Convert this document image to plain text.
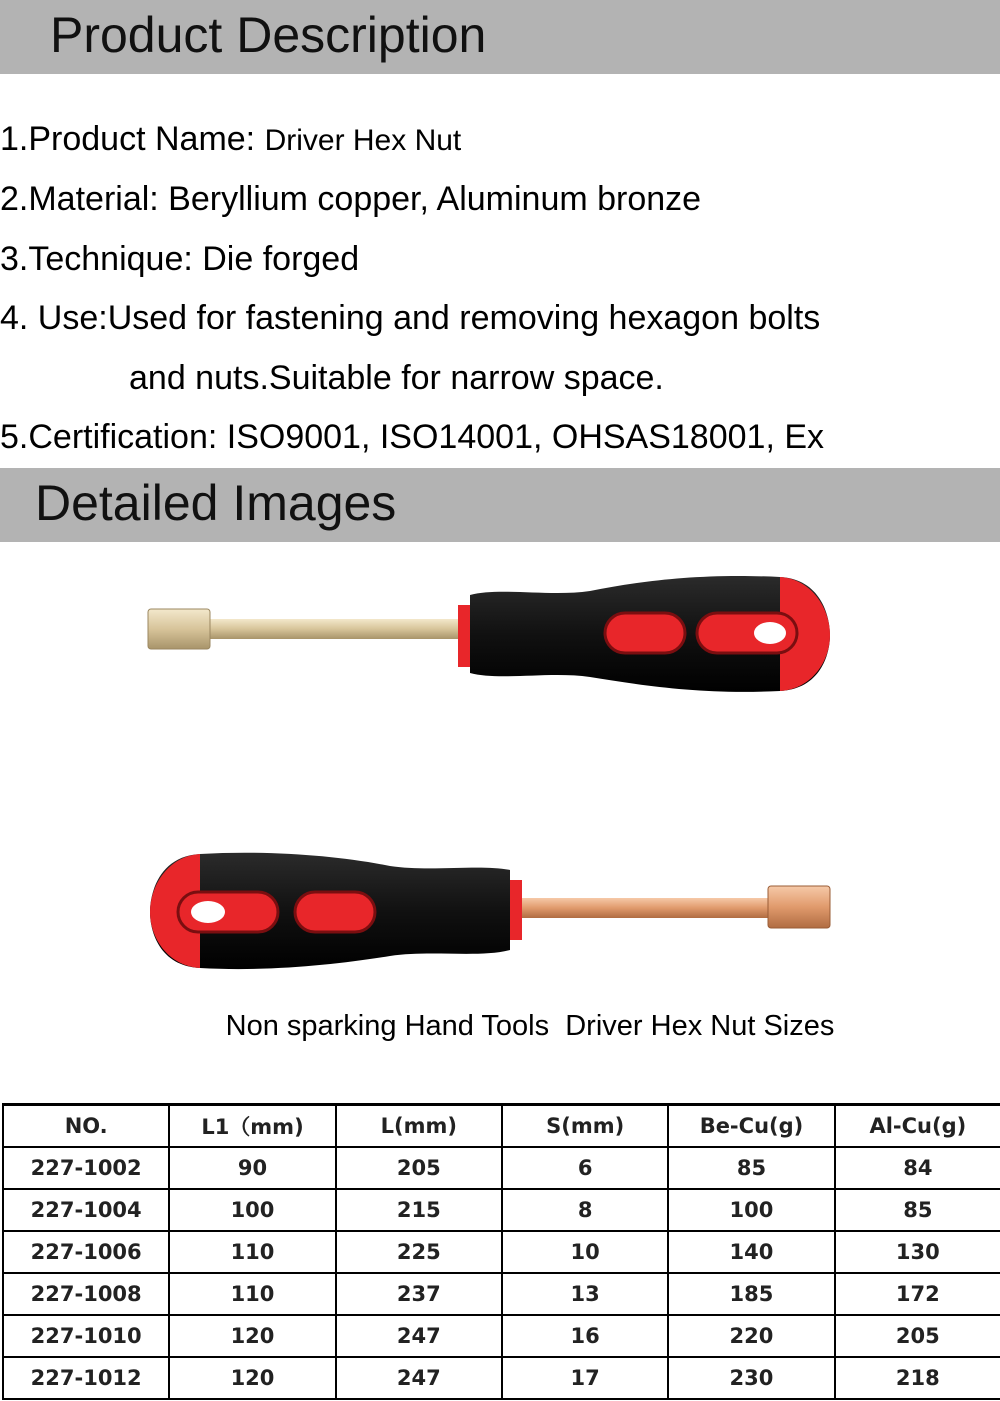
Product Description
1.Product Name: Driver Hex Nut
2.Material: Beryllium copper, Aluminum bronze
3.Technique: Die forged
4. Use:Used for fastening and removing hexagon bolts
and nuts.Suitable for narrow space.
5.Certification: ISO9001, ISO14001, OHSAS18001, Ex
Detailed Images
Non sparking Hand Tools  Driver Hex Nut Sizes
NO.	L1（mm)	L(mm)	S(mm)	Be-Cu(g)	Al-Cu(g)
227-1002	90	205	6	85	84
227-1004	100	215	8	100	85
227-1006	110	225	10	140	130
227-1008	110	237	13	185	172
227-1010	120	247	16	220	205
227-1012	120	247	17	230	218
